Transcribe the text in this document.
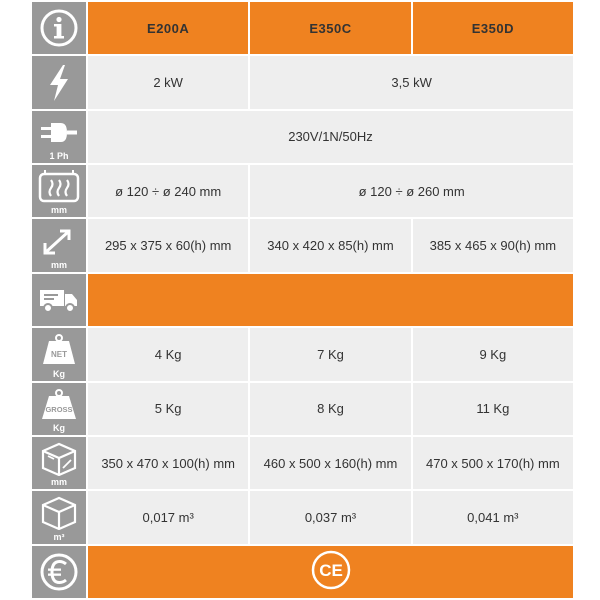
	E200A	E350C	E350D

	2 kW	3,5 kW	

1 Ph	230V/1N/50Hz		

mm	ø 120 ÷ ø 240 mm	ø 120 ÷ ø 260 mm	

mm	295 x 375 x 60(h) mm	340 x 420 x 85(h) mm	385 x 465 x 90(h) mm

NET
Kg	4 Kg	7 Kg	9 Kg

GROSS
Kg	5 Kg	8 Kg	11 Kg

mm	350 x 470 x 100(h) mm	460 x 500 x 160(h) mm	470 x 500 x 170(h) mm

m³	0,017 m³	0,037 m³	0,041 m³

CE		
